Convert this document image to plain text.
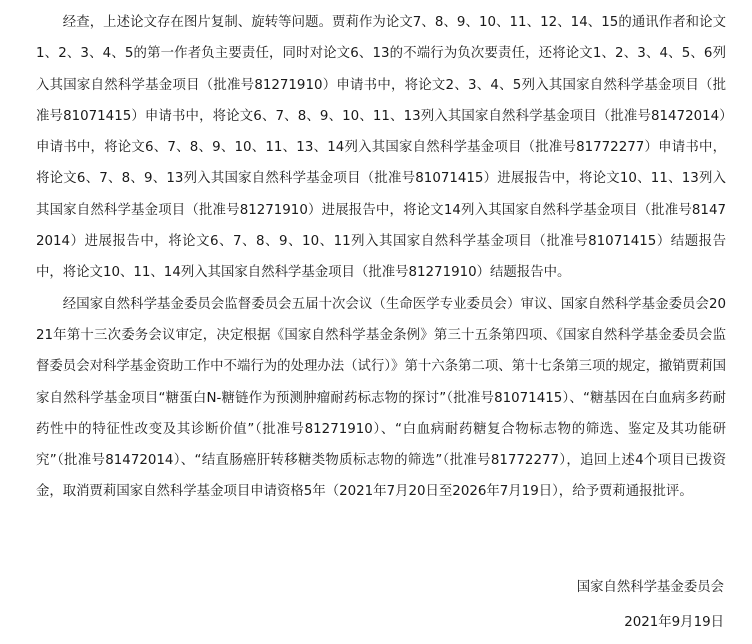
经查，上述论文存在图片复制、旋转等问题。贾莉作为论文7、8、9、10、11、12、14、15的通讯作者和论文1、2、3、4、5的第一作者负主要责任，同时对论文6、13的不端行为负次要责任，还将论文1、2、3、4、5、6列入其国家自然科学基金项目（批准号81271910）申请书中，将论文2、3、4、5列入其国家自然科学基金项目（批准号81071415）申请书中，将论文6、7、8、9、10、11、13列入其国家自然科学基金项目（批准号81472014）申请书中，将论文6、7、8、9、10、11、13、14列入其国家自然科学基金项目（批准号81772277）申请书中，将论文6、7、8、9、13列入其国家自然科学基金项目（批准号81071415）进展报告中，将论文10、11、13列入其国家自然科学基金项目（批准号81271910）进展报告中，将论文14列入其国家自然科学基金项目（批准号81472014）进展报告中，将论文6、7、8、9、10、11列入其国家自然科学基金项目（批准号81071415）结题报告中，将论文10、11、14列入其国家自然科学基金项目（批准号81271910）结题报告中。

经国家自然科学基金委员会监督委员会五届十次会议（生命医学专业委员会）审议、国家自然科学基金委员会2021年第十三次委务会议审定，决定根据《国家自然科学基金条例》第三十五条第四项、《国家自然科学基金委员会监督委员会对科学基金资助工作中不端行为的处理办法（试行）》第十六条第二项、第十七条第三项的规定，撤销贾莉国家自然科学基金项目“糖蛋白N-糖链作为预测肿瘤耐药标志物的探讨”（批准号81071415）、“糖基因在白血病多药耐药性中的特征性改变及其诊断价值”（批准号81271910）、“白血病耐药糖复合物标志物的筛选、鉴定及其功能研究”（批准号81472014）、“结直肠癌肝转移糖类物质标志物的筛选”（批准号81772277），追回上述4个项目已拨资金，取消贾莉国家自然科学基金项目申请资格5年（2021年7月20日至2026年7月19日），给予贾莉通报批评。

国家自然科学基金委员会
2021年9月19日
